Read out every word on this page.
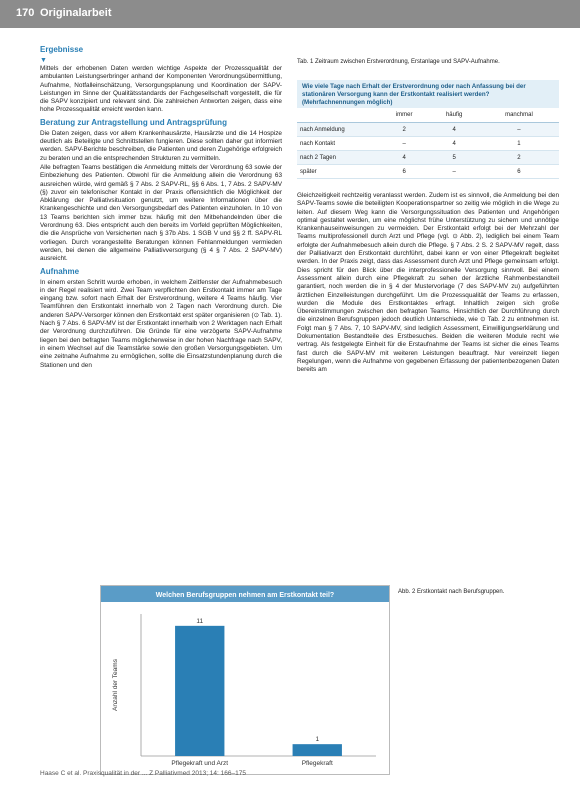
170 Originalarbeit
Ergebnisse
▼

Mittels der erhobenen Daten werden wichtige Aspekte der Prozessqualität der ambulanten Leistungserbringer anhand der Komponenten Verordnungsübermittlung, Aufnahme, Notfalleinschätzung, Versorgungsplanung und Koordination der SAPV-Leistungen im Sinne der Qualitätsstandards der Fachgesellschaft vorgestellt, die für die SAPV konzipiert und relevant sind. Die zahlreichen Antworten zeigen, dass eine hohe Prozessqualität erreicht werden kann.

Beratung zur Antragstellung und Antragsprüfung

Die Daten zeigen, dass vor allem Krankenhausärzte, Hausärzte und die 14 Hospize deutlich als Beteiligte und Schnittstellen fungieren. Diese sollten daher gut informiert werden. SAPV-Berichte beschreiben, die Patienten und deren Zugehörige erfolgreich zu beraten und an die entsprechenden Strukturen zu vermitteln.

Alle befragten Teams bestätigen die Anmeldung mittels der Verordnung 63 sowie der Einbeziehung des Patienten. Obwohl für die Anmeldung allein die Verordnung 63 ausreichen würde, wird gemäß § 7 Abs. 2 SAPV-RL, §§ 6 Abs. 1, 7 Abs. 2 SAPV-MV (§) zuvor ein telefonischer Kontakt in der Praxis offensichtlich die Möglichkeit der Abklärung der Palliativsituation genutzt, um weitere Informationen über die Krankengeschichte und den Versorgungsbedarf des Patienten einzuholen. In 10 von 13 Teams berichten sich immer bzw. häufig mit den Mitbehandelnden über die Verordnung 63. Dies entspricht auch den bereits im Vorfeld geprüften Möglichkeiten, die die Ansprüche von Versicherten nach § 37b Abs. 1 SGB V und §§ 2 ff. SAPV-RL vorliegen. Durch vorangestellte Beratungen können Fehlanmeldungen vermieden werden, bei denen die allgemeine Palliativversorgung (§ 4 § 7 Abs. 2 SAPV-MV) ausreicht.

Aufnahme

In einem ersten Schritt wurde erhoben, in welchem Zeitfenster der Aufnahmebesuch in der Regel realisiert wird. Zwei Team verpflichten den Erstkontakt immer am Tage eingang bzw. sofort nach Erhalt der Erstverordnung, weitere 4 Teams häufig. Vier Teamführen den Erstkontakt innerhalb von 2 Tagen nach Verordnung durch. Die anderen SAPV-Versorger können den Erstkontakt erst später organisieren (⊙ Tab. 1). Nach § 7 Abs. 6 SAPV-MV ist der Erstkontakt innerhalb von 2 Werktagen nach Erhalt der Verordnung durchzuführen. Die Gründe für eine verzögerte SAPV-Aufnahme liegen bei den befragten Teams möglicherweise in der hohen Nachfrage nach SAPV, in einem Wechsel auf die Teamstärke sowie den großen Versorgungsgebieten. Um eine zeitnahe Aufnahme zu ermöglichen, sollte die Einsatzstundenplanung durch die Stationen und den

Tab. 1 Zeitraum zwischen Erstverordnung, Erstanlage und SAPV-Aufnahme.
Wie viele Tage nach Erhalt der Erstverordnung oder nach Anfassung bei der stationären Versorgung kann der Erstkontakt realisiert werden? (Mehrfachnennungen möglich)
	immer	häufig	manchmal
nach Anmeldung	2	4	–
nach Kontakt	–	4	1
nach 2 Tagen	4	5	2
später	6	–	6

Gleichzeitigkeit rechtzeitig veranlasst werden. Zudem ist es sinnvoll, die Anmeldung bei den SAPV-Teams sowie die beteiligten Kooperationspartner so zeitig wie möglich in die Wege zu leiten. Auf diesem Weg kann die Versorgungssituation des Patienten und Angehörigen optimal gestaltet werden, um eine möglichst frühe Unterstützung zu sichern und unnötige Krankenhauseinweisungen zu vermeiden. Der Erstkontakt erfolgt bei der Mehrzahl der Teams multiprofessionell durch Arzt und Pflege (vgl. ⊙ Abb. 2), lediglich bei einem Team erfolgte der Aufnahmebesuch allein durch die Pflege. § 7 Abs. 2 S. 2 SAPV-MV regelt, dass der Palliativarzt den Erstkontakt durchführt, dabei kann er von einer Pflegekraft begleitet werden. In der Praxis zeigt, dass das Assessment durch Arzt und Pflege gemeinsam erfolgt. Dies spricht für den Blick über die interprofessionelle Versorgung sinnvoll. Bei einem Assessment allein durch eine Pflegekraft zu sehen der ärztliche Rahmenbestandteil garantiert, noch werden die in § 4 der Mustervorlage (7 des SAPV-MV zu) aufgeführten ärztlichen Einzelleistungen durchgeführt. Um die Prozessqualität der Teams zu erfassen, wurden die Module des Erstkontaktes erfragt. Inhaltlich zeigen sich große Übereinstimmungen zwischen den befragten Teams. Hinsichtlich der Durchführung durch die einzelnen Berufsgruppen jedoch deutlich Unterschiede, wie ⊙ Tab. 2 zu entnehmen ist. Folgt man § 7 Abs. 7, 10 SAPV-MV, sind lediglich Assessment, Einwilligungserklärung und Dokumentation Bestandteile des Erstbesuches. Beiden die weiteren Module recht wie vertrag. Als festgelegte Einheit für die Erstaufnahme der Teams ist sicher die eines Teams fast durch die SAPV-MV mit weiteren Leistungen beauftragt. Nur vereinzelt liegen Regelungen, wenn die Aufnahme von gegebenen Erfassung der patientenbezogenen Daten bereits am

Welchen Berufsgruppen nehmen am Erstkontakt teil?
Anzahl der Teams
11
Pflegekraft und Arzt
1
Pflegekraft
Abb. 2 Erstkontakt nach Berufsgruppen.
Haase C et al. Praxisqualität in der ... Z Palliativmed 2013; 14: 166–175
